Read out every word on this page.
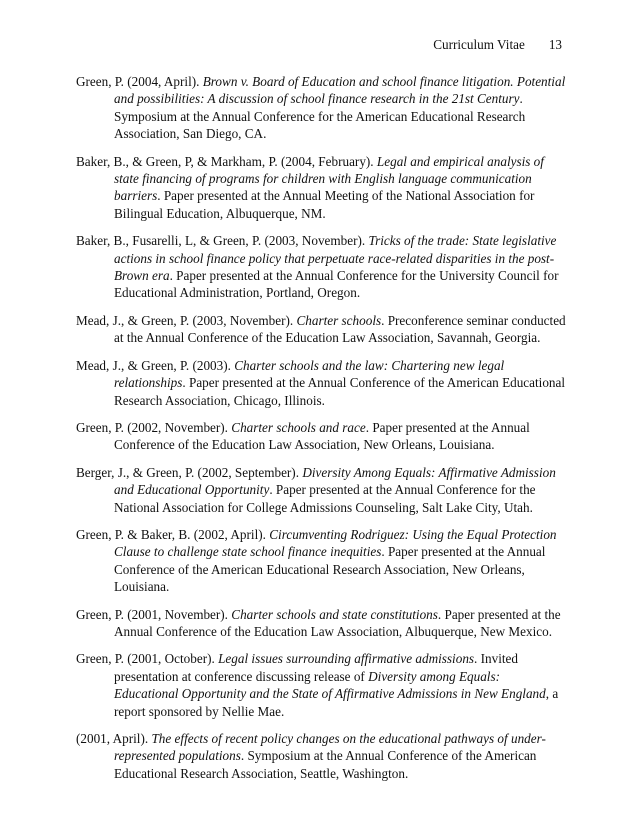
Curriculum Vitae 13

Green, P. (2004, April). Brown v. Board of Education and school finance litigation. Potential and possibilities: A discussion of school finance research in the 21st Century. Symposium at the Annual Conference for the American Educational Research Association, San Diego, CA.

Baker, B., & Green, P, & Markham, P. (2004, February). Legal and empirical analysis of state financing of programs for children with English language communication barriers. Paper presented at the Annual Meeting of the National Association for Bilingual Education, Albuquerque, NM.

Baker, B., Fusarelli, L, & Green, P. (2003, November). Tricks of the trade: State legislative actions in school finance policy that perpetuate race-related disparities in the post-Brown era. Paper presented at the Annual Conference for the University Council for Educational Administration, Portland, Oregon.

Mead, J., & Green, P. (2003, November). Charter schools. Preconference seminar conducted at the Annual Conference of the Education Law Association, Savannah, Georgia.

Mead, J., & Green, P. (2003). Charter schools and the law: Chartering new legal relationships. Paper presented at the Annual Conference of the American Educational Research Association, Chicago, Illinois.

Green, P. (2002, November). Charter schools and race. Paper presented at the Annual Conference of the Education Law Association, New Orleans, Louisiana.

Berger, J., & Green, P. (2002, September). Diversity Among Equals: Affirmative Admission and Educational Opportunity. Paper presented at the Annual Conference for the National Association for College Admissions Counseling, Salt Lake City, Utah.

Green, P. & Baker, B. (2002, April). Circumventing Rodriguez: Using the Equal Protection Clause to challenge state school finance inequities. Paper presented at the Annual Conference of the American Educational Research Association, New Orleans, Louisiana.

Green, P. (2001, November). Charter schools and state constitutions. Paper presented at the Annual Conference of the Education Law Association, Albuquerque, New Mexico.

Green, P. (2001, October). Legal issues surrounding affirmative admissions. Invited presentation at conference discussing release of Diversity among Equals: Educational Opportunity and the State of Affirmative Admissions in New England, a report sponsored by Nellie Mae.

(2001, April). The effects of recent policy changes on the educational pathways of under-represented populations. Symposium at the Annual Conference of the American Educational Research Association, Seattle, Washington.
